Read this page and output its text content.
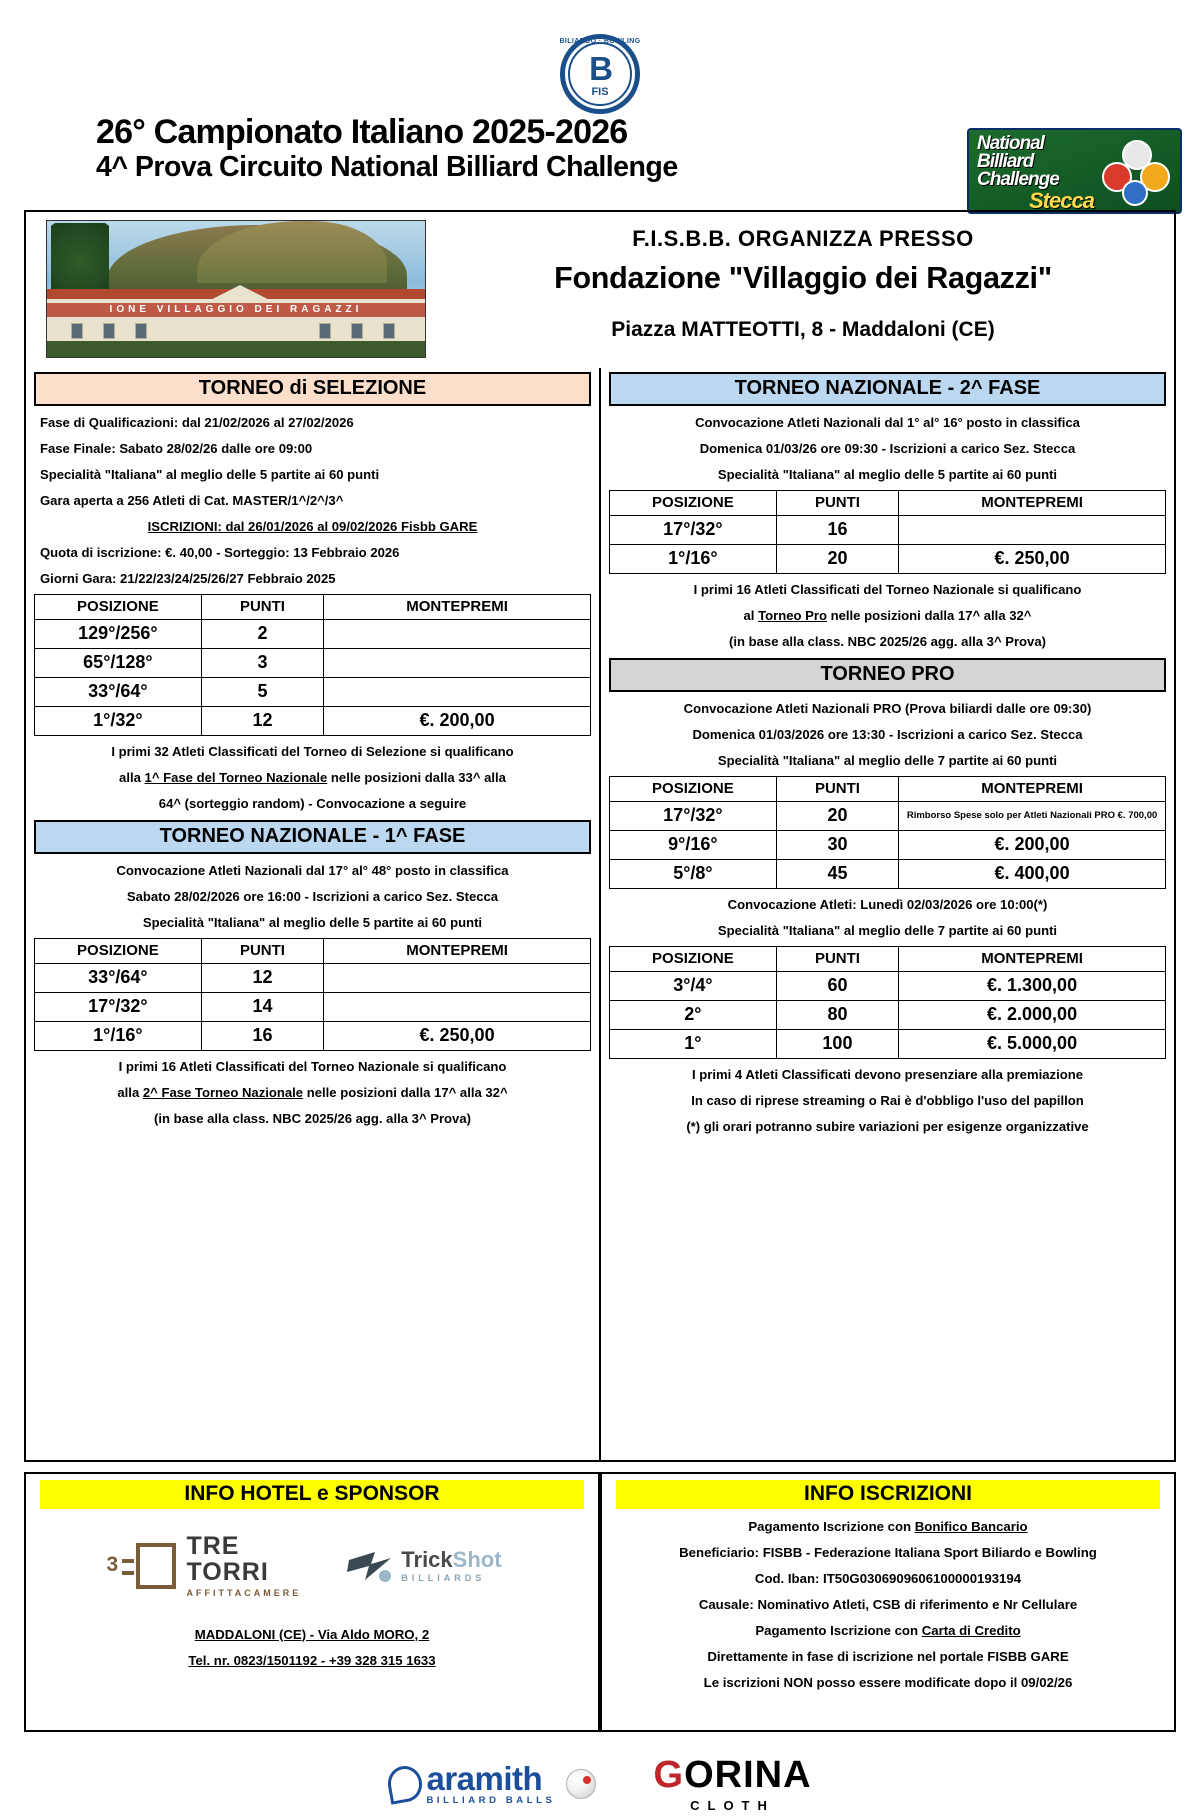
BILIARDO · BOWLING
B
FIS
26° Campionato Italiano 2025-2026
4^ Prova Circuito National Billiard Challenge
National
Billiard
Challenge
Stecca
IONE VILLAGGIO DEI RAGAZZI
F.I.S.B.B. ORGANIZZA PRESSO
Fondazione "Villaggio dei Ragazzi"
Piazza MATTEOTTI, 8 - Maddaloni (CE)
TORNEO di SELEZIONE
Fase di Qualificazioni: dal 21/02/2026 al 27/02/2026
Fase Finale: Sabato 28/02/26 dalle ore 09:00
Specialità "Italiana" al meglio delle 5 partite ai 60 punti
Gara aperta a 256 Atleti di Cat. MASTER/1^/2^/3^
ISCRIZIONI: dal 26/01/2026 al 09/02/2026 Fisbb GARE
Quota di iscrizione: €. 40,00 - Sorteggio: 13 Febbraio 2026
Giorni Gara: 21/22/23/24/25/26/27 Febbraio 2025
POSIZIONE	PUNTI	MONTEPREMI
129°/256°	2	
65°/128°	3	
33°/64°	5	
1°/32°	12	€. 200,00
I primi 32 Atleti Classificati del Torneo di Selezione si qualificano
alla 1^ Fase del Torneo Nazionale nelle posizioni dalla 33^ alla
64^ (sorteggio random) - Convocazione a seguire
TORNEO NAZIONALE - 1^ FASE
Convocazione Atleti Nazionali dal 17° al° 48° posto in classifica
Sabato 28/02/2026 ore 16:00 - Iscrizioni a carico Sez. Stecca
Specialità "Italiana" al meglio delle 5 partite ai 60 punti
POSIZIONE	PUNTI	MONTEPREMI
33°/64°	12	
17°/32°	14	
1°/16°	16	€. 250,00
I primi 16 Atleti Classificati del Torneo Nazionale si qualificano
alla 2^ Fase Torneo Nazionale nelle posizioni dalla 17^ alla 32^
(in base alla class. NBC 2025/26 agg. alla 3^ Prova)
TORNEO NAZIONALE - 2^ FASE
Convocazione Atleti Nazionali dal 1° al° 16° posto in classifica
Domenica 01/03/26 ore 09:30 - Iscrizioni a carico Sez. Stecca
Specialità "Italiana" al meglio delle 5 partite ai 60 punti
POSIZIONE	PUNTI	MONTEPREMI
17°/32°	16	
1°/16°	20	€. 250,00
I primi 16 Atleti Classificati del Torneo Nazionale si qualificano
al Torneo Pro nelle posizioni dalla 17^ alla 32^
(in base alla class. NBC 2025/26 agg. alla 3^ Prova)
TORNEO PRO
Convocazione Atleti Nazionali PRO (Prova biliardi dalle ore 09:30)
Domenica 01/03/2026 ore 13:30 - Iscrizioni a carico Sez. Stecca
Specialità "Italiana" al meglio delle 7 partite ai 60 punti
POSIZIONE	PUNTI	MONTEPREMI
17°/32°	20	Rimborso Spese solo per Atleti Nazionali PRO €. 700,00
9°/16°	30	€. 200,00
5°/8°	45	€. 400,00
Convocazione Atleti: Lunedì 02/03/2026 ore 10:00(*)
Specialità "Italiana" al meglio delle 7 partite ai 60 punti
POSIZIONE	PUNTI	MONTEPREMI
3°/4°	60	€. 1.300,00
2°	80	€. 2.000,00
1°	100	€. 5.000,00
I primi 4 Atleti Classificati devono presenziare alla premiazione
In caso di riprese streaming o Rai è d'obbligo l'uso del papillon
(*) gli orari potranno subire variazioni per esigenze organizzative
INFO HOTEL e SPONSOR
3
TRE
TORRI
AFFITTACAMERE
TrickShot
BILLIARDS
MADDALONI (CE) - Via Aldo MORO, 2
Tel. nr. 0823/1501192 - +39 328 315 1633
INFO ISCRIZIONI
Pagamento Iscrizione con Bonifico Bancario
Beneficiario: FISBB - Federazione Italiana Sport Biliardo e Bowling
Cod. Iban: IT50G0306909606100000193194
Causale: Nominativo Atleti, CSB di riferimento e Nr Cellulare
Pagamento Iscrizione con Carta di Credito
Direttamente in fase di iscrizione nel portale FISBB GARE
Le iscrizioni NON posso essere modificate dopo il 09/02/26
aramith
BILLIARD BALLS
GORINA
CLOTH
